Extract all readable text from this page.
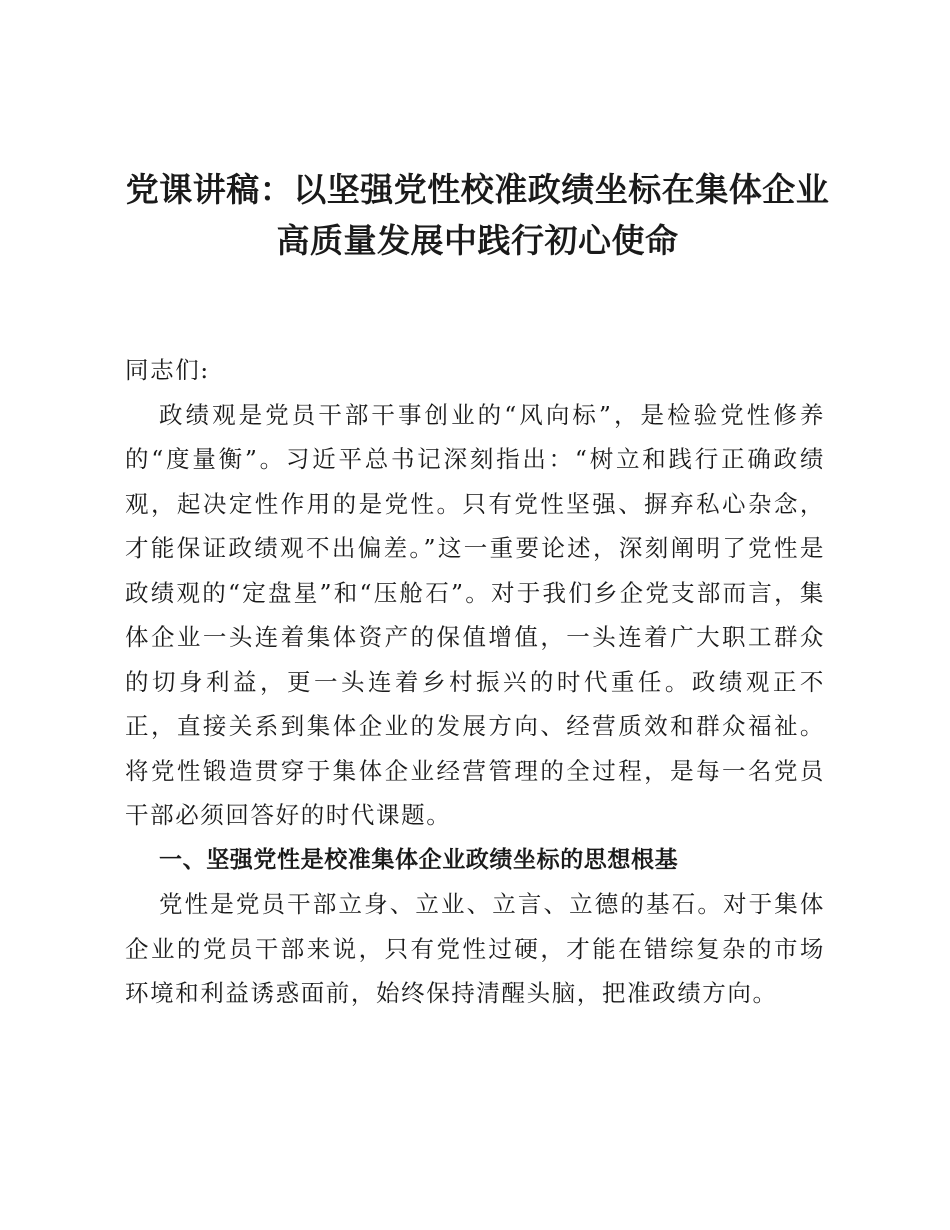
党课讲稿：以坚强党性校准政绩坐标在集体企业高质量发展中践行初心使命

同志们:

政绩观是党员干部干事创业的“风向标”，是检验党性修养的“度量衡”。习近平总书记深刻指出：“树立和践行正确政绩观，起决定性作用的是党性。只有党性坚强、摒弃私心杂念，才能保证政绩观不出偏差。”这一重要论述，深刻阐明了党性是政绩观的“定盘星”和“压舱石”。对于我们乡企党支部而言，集体企业一头连着集体资产的保值增值，一头连着广大职工群众的切身利益，更一头连着乡村振兴的时代重任。政绩观正不正，直接关系到集体企业的发展方向、经营质效和群众福祉。将党性锻造贯穿于集体企业经营管理的全过程，是每一名党员干部必须回答好的时代课题。

一、坚强党性是校准集体企业政绩坐标的思想根基

党性是党员干部立身、立业、立言、立德的基石。对于集体企业的党员干部来说，只有党性过硬，才能在错综复杂的市场环境和利益诱惑面前，始终保持清醒头脑，把准政绩方向。
